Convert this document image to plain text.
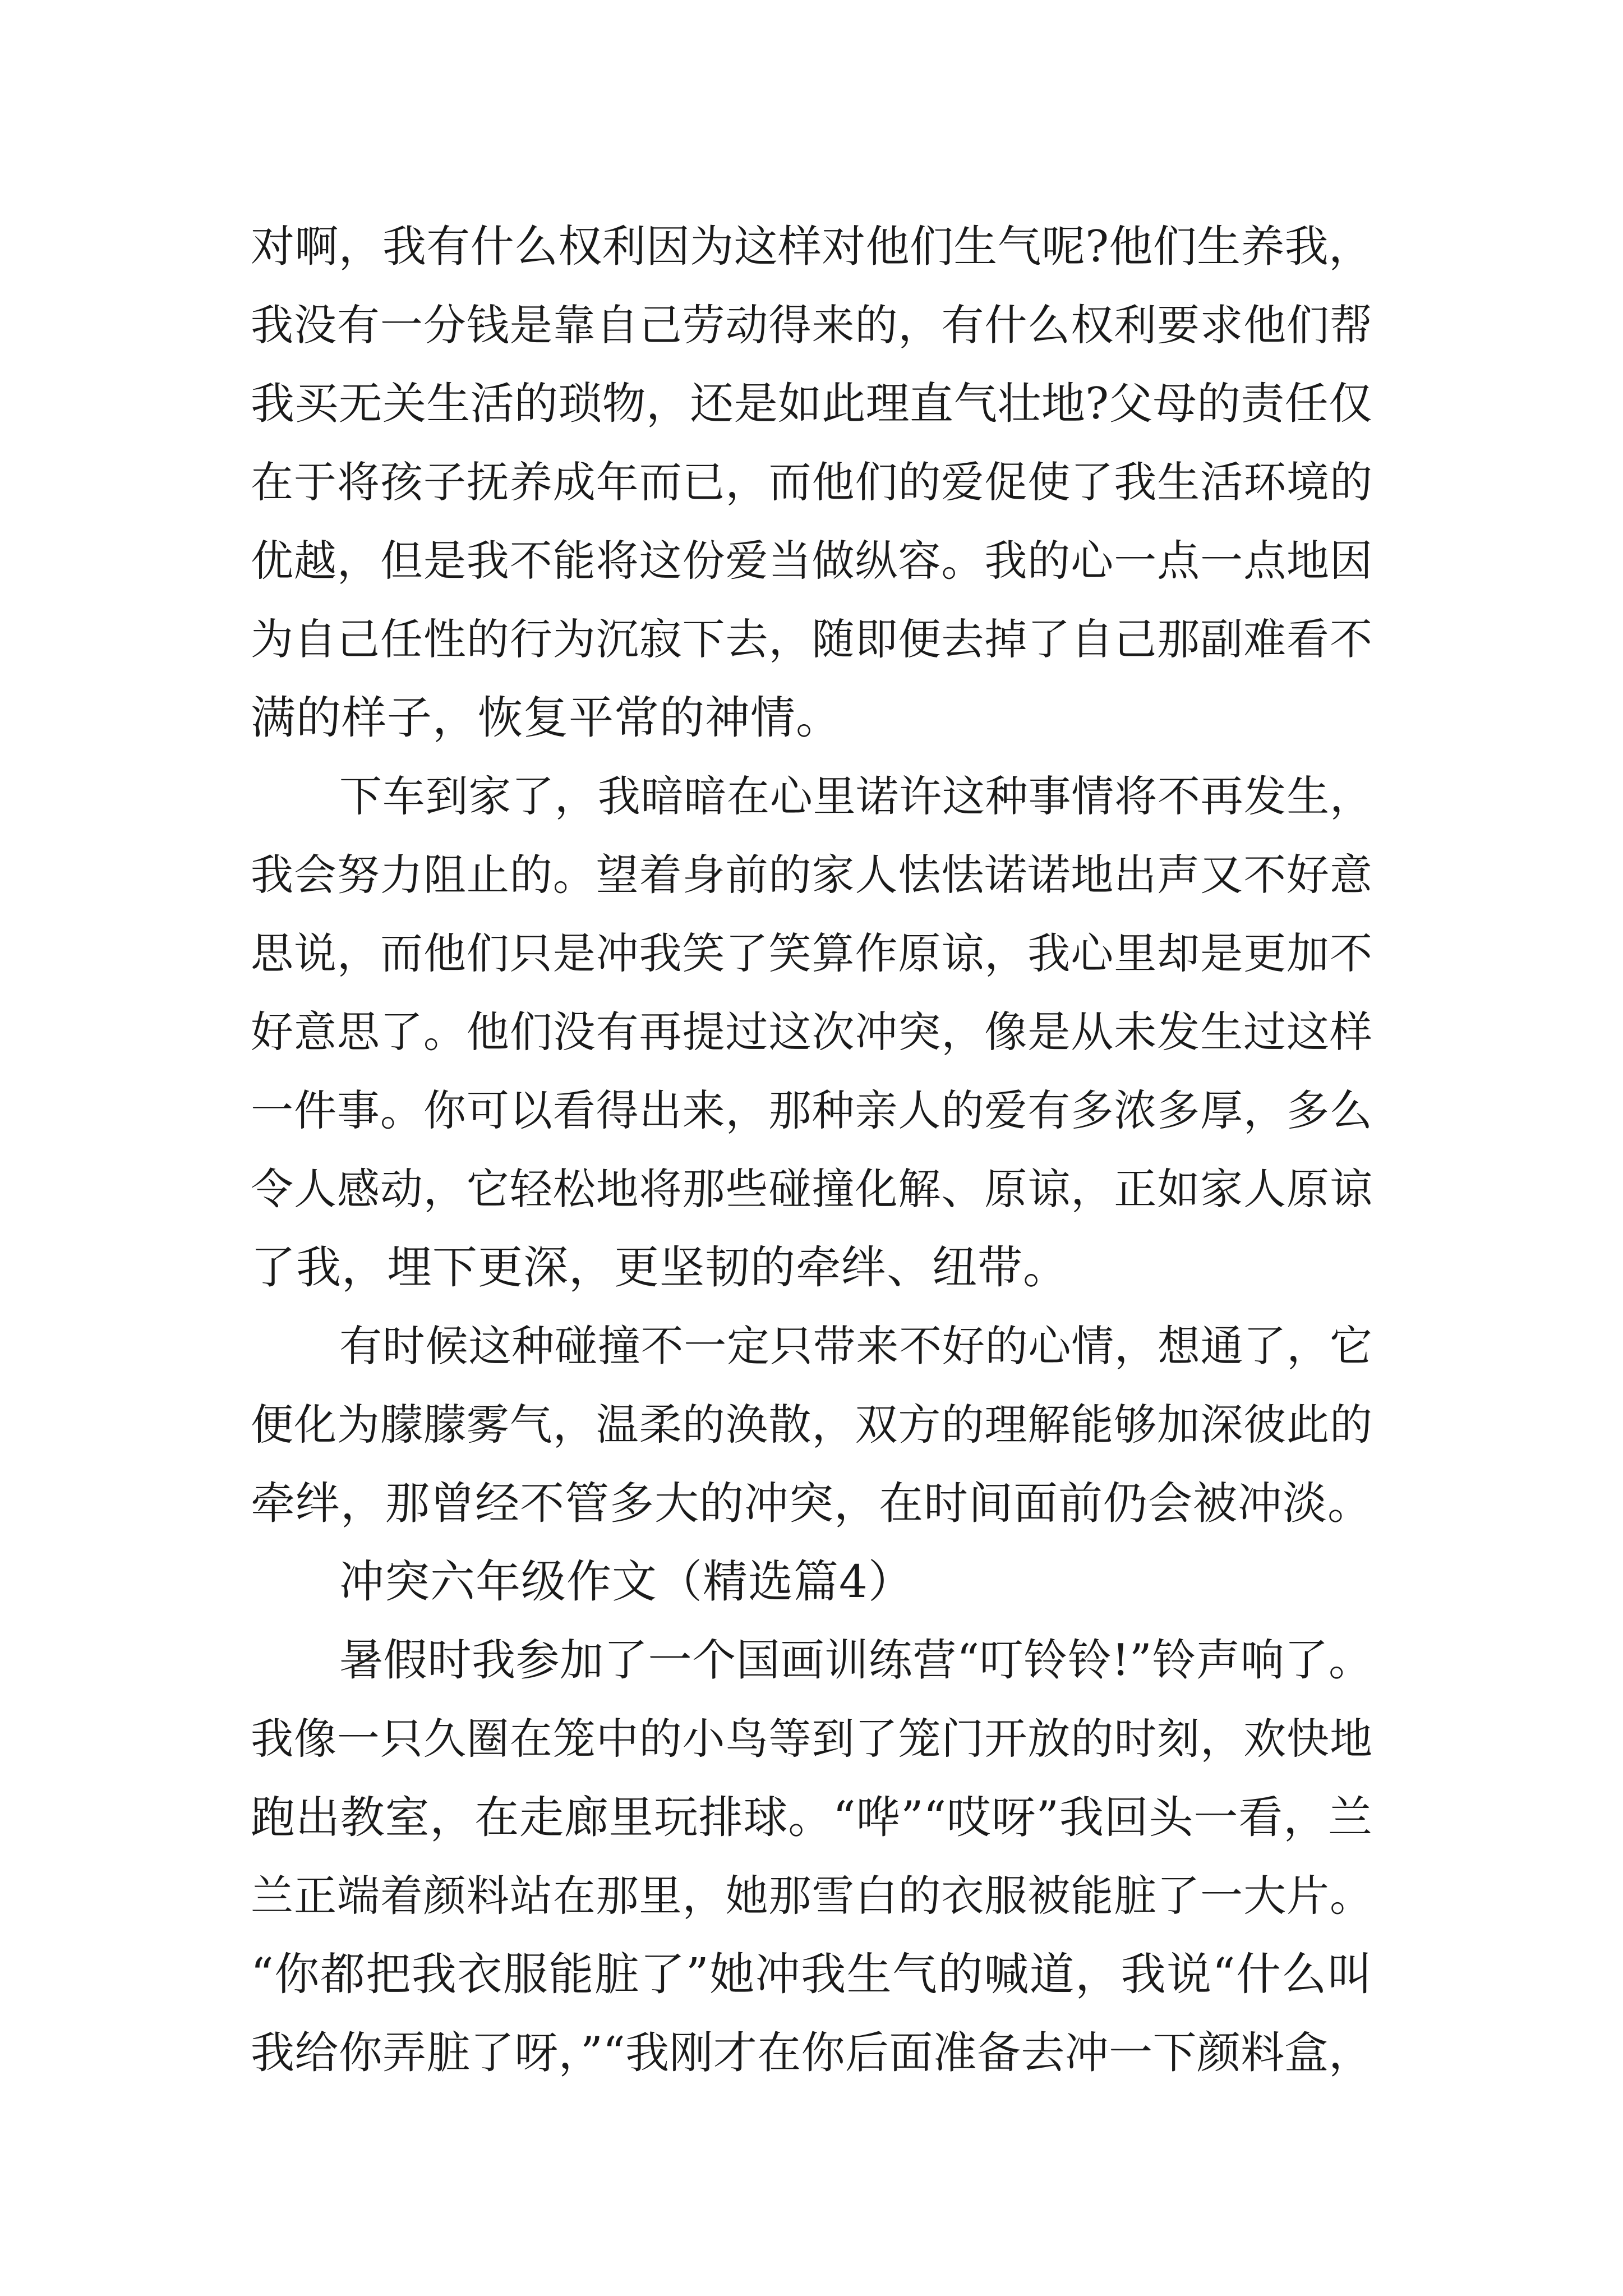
对啊，我有什么权利因为这样对他们生气呢?他们生养我，
我没有一分钱是靠自己劳动得来的，有什么权利要求他们帮
我买无关生活的琐物，还是如此理直气壮地?父母的责任仅
在于将孩子抚养成年而已，而他们的爱促使了我生活环境的
优越，但是我不能将这份爱当做纵容。我的心一点一点地因
为自己任性的行为沉寂下去，随即便去掉了自己那副难看不
满的样子，恢复平常的神情。
下车到家了，我暗暗在心里诺许这种事情将不再发生，
我会努力阻止的。望着身前的家人怯怯诺诺地出声又不好意
思说，而他们只是冲我笑了笑算作原谅，我心里却是更加不
好意思了。他们没有再提过这次冲突，像是从未发生过这样
一件事。你可以看得出来，那种亲人的爱有多浓多厚，多么
令人感动，它轻松地将那些碰撞化解、原谅，正如家人原谅
了我，埋下更深，更坚韧的牵绊、纽带。
有时候这种碰撞不一定只带来不好的心情，想通了，它
便化为朦朦雾气，温柔的涣散，双方的理解能够加深彼此的
牵绊，那曾经不管多大的冲突，在时间面前仍会被冲淡。
冲突六年级作文（精选篇4）
暑假时我参加了一个国画训练营“叮铃铃!”铃声响了。
我像一只久圈在笼中的小鸟等到了笼门开放的时刻，欢快地
跑出教室，在走廊里玩排球。“哗”“哎呀”我回头一看，兰
兰正端着颜料站在那里，她那雪白的衣服被能脏了一大片。
“你都把我衣服能脏了”她冲我生气的喊道，我说“什么叫
我给你弄脏了呀，”“我刚才在你后面准备去冲一下颜料盒，
